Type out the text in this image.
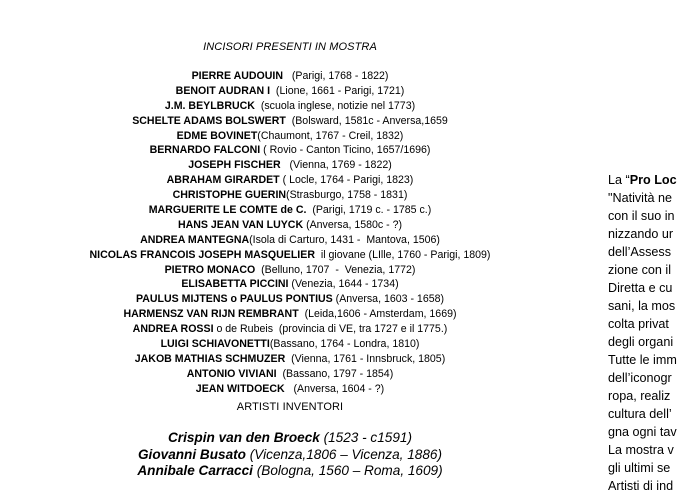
INCISORI PRESENTI IN MOSTRA
PIERRE AUDOUIN   (Parigi, 1768 - 1822)
BENOIT AUDRAN I  (Lione, 1661 - Parigi, 1721)
J.M. BEYLBRUCK  (scuola inglese, notizie nel 1773)
SCHELTE ADAMS BOLSWERT  (Bolsward, 1581c - Anversa,1659
EDME BOVINET(Chaumont, 1767 - Creil, 1832)
BERNARDO FALCONI ( Rovio - Canton Ticino, 1657/1696)
JOSEPH FISCHER   (Vienna, 1769 - 1822)
ABRAHAM GIRARDET ( Locle, 1764 - Parigi, 1823)
CHRISTOPHE GUERIN(Strasburgo, 1758 - 1831)
MARGUERITE LE COMTE de C.  (Parigi, 1719 c. - 1785 c.)
HANS JEAN VAN LUYCK (Anversa, 1580c - ?)
ANDREA MANTEGNA(Isola di Carturo, 1431 -  Mantova, 1506)
NICOLAS FRANCOIS JOSEPH MASQUELIER  il giovane (LIlle, 1760 - Parigi, 1809)
PIETRO MONACO  (Belluno, 1707  -  Venezia, 1772)
ELISABETTA PICCINI (Venezia, 1644 - 1734)
PAULUS MIJTENS o PAULUS PONTIUS (Anversa, 1603 - 1658)
HARMENSZ VAN RIJN REMBRANT  (Leida,1606 - Amsterdam, 1669)
ANDREA ROSSI o de Rubeis  (provincia di VE, tra 1727 e il 1775.)
LUIGI SCHIAVONETTI(Bassano, 1764 - Londra, 1810)
JAKOB MATHIAS SCHMUZER  (Vienna, 1761 - Innsbruck, 1805)
ANTONIO VIVIANI  (Bassano, 1797 - 1854)
JEAN WITDOECK   (Anversa, 1604 - ?)
ARTISTI INVENTORI
Crispin van den Broeck (1523 - c1591)
Giovanni Busato (Vicenza,1806 – Vicenza, 1886)
Annibale Carracci (Bologna, 1560 – Roma, 1609)
La “Pro Loc
"Natività ne
con il suo in
nizzando ur
dell’Assess
zione con il
Diretta e cu
sani, la mos
colta privat
degli organi
Tutte le imm
dell’iconogr
ropa, realiz
cultura dell’
gna ogni tav
La mostra v
gli ultimi se
Artisti di ind
